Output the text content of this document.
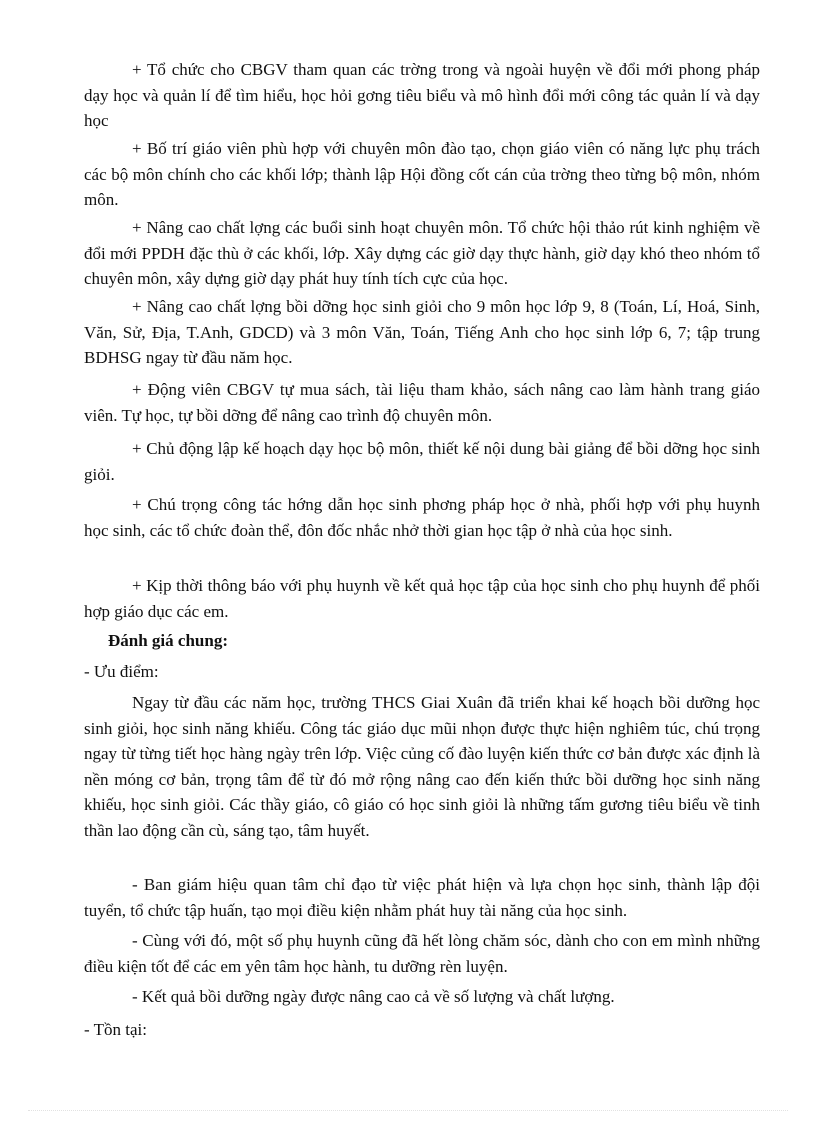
+ Tổ chức cho CBGV tham quan các trờng trong và ngoài huyện về đổi mới phong pháp dạy học và quản lí để tìm hiểu, học hỏi gơng tiêu biểu và mô hình đổi mới công tác quản lí và dạy học

+ Bố trí giáo viên phù hợp với chuyên môn đào tạo, chọn giáo viên có năng lực phụ trách các bộ môn chính cho các khối lớp; thành lập Hội đồng cốt cán của trờng theo từng bộ môn, nhóm môn.

+ Nâng cao chất lợng các buổi sinh hoạt chuyên môn. Tổ chức hội thảo rút kinh nghiệm về đổi mới PPDH đặc thù ở các khối, lớp. Xây dựng các giờ dạy thực hành, giờ dạy khó theo nhóm tổ chuyên môn, xây dựng giờ dạy phát huy tính tích cực của học.

+ Nâng cao chất lợng bồi dỡng học sinh giỏi cho 9 môn học lớp 9, 8 (Toán, Lí, Hoá, Sinh, Văn, Sử, Địa, T.Anh, GDCD) và 3 môn Văn, Toán, Tiếng Anh cho học sinh lớp 6, 7; tập trung BDHSG ngay từ đầu năm học.

+ Động viên CBGV tự mua sách, tài liệu tham khảo, sách nâng cao làm hành trang giáo viên. Tự học, tự bồi dỡng để nâng cao trình độ chuyên môn.

+ Chủ động lập kế hoạch dạy học bộ môn, thiết kế nội dung bài giảng để bồi dỡng học sinh giỏi.

+ Chú trọng công tác hớng dẫn học sinh phơng pháp học ở nhà, phối hợp với phụ huynh học sinh, các tổ chức đoàn thể, đôn đốc nhắc nhở thời gian học tập ở nhà của học sinh.

+ Kịp thời thông báo với phụ huynh về kết quả học tập của học sinh cho phụ huynh để phối hợp giáo dục các em.

Đánh giá chung:

- Ưu điểm:

Ngay từ đầu các năm học, trường THCS Giai Xuân đã triển khai kế hoạch bồi dưỡng học sinh giỏi, học sinh năng khiếu. Công tác giáo dục mũi nhọn được thực hiện nghiêm túc, chú trọng ngay từ từng tiết học hàng ngày trên lớp. Việc củng cố đào luyện kiến thức cơ bản được xác định là nền móng cơ bản, trọng tâm để từ đó mở rộng nâng cao đến kiến thức bồi dưỡng học sinh năng khiếu, học sinh giỏi. Các thầy giáo, cô giáo có học sinh giỏi là những tấm gương tiêu biểu về tinh thần lao động cần cù, sáng tạo, tâm huyết.

- Ban giám hiệu quan tâm chỉ đạo từ việc phát hiện và lựa chọn học sinh, thành lập đội tuyển, tổ chức tập huấn, tạo mọi điều kiện nhằm phát huy tài năng của học sinh.

- Cùng với đó, một số phụ huynh cũng đã hết lòng chăm sóc, dành cho con em mình những điều kiện tốt để các em yên tâm học hành, tu dưỡng rèn luyện.

- Kết quả bồi dưỡng ngày được nâng cao cả về số lượng và chất lượng.

- Tồn tại:
